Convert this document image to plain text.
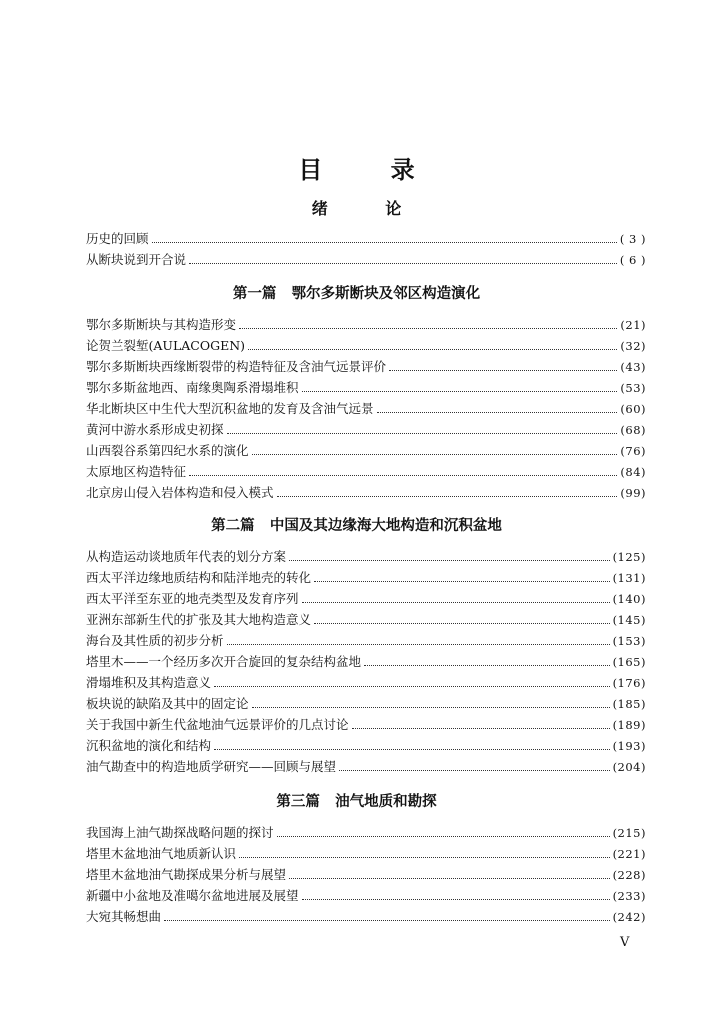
目 录
绪 论
历史的回顾	( 3 )
从断块说到开合说	( 6 )
第一篇   鄂尔多斯断块及邻区构造演化
鄂尔多斯断块与其构造形变	(21)
论贺兰裂堑(AULACOGEN)	(32)
鄂尔多斯断块西缘断裂带的构造特征及含油气远景评价	(43)
鄂尔多斯盆地西、南缘奥陶系滑塌堆积	(53)
华北断块区中生代大型沉积盆地的发育及含油气远景	(60)
黄河中游水系形成史初探	(68)
山西裂谷系第四纪水系的演化	(76)
太原地区构造特征	(84)
北京房山侵入岩体构造和侵入模式	(99)
第二篇   中国及其边缘海大地构造和沉积盆地
从构造运动谈地质年代表的划分方案	(125)
西太平洋边缘地质结构和陆洋地壳的转化	(131)
西太平洋至东亚的地壳类型及发育序列	(140)
亚洲东部新生代的扩张及其大地构造意义	(145)
海台及其性质的初步分析	(153)
塔里木——一个经历多次开合旋回的复杂结构盆地	(165)
滑塌堆积及其构造意义	(176)
板块说的缺陷及其中的固定论	(185)
关于我国中新生代盆地油气远景评价的几点讨论	(189)
沉积盆地的演化和结构	(193)
油气勘查中的构造地质学研究——回顾与展望	(204)
第三篇   油气地质和勘探
我国海上油气勘探战略问题的探讨	(215)
塔里木盆地油气地质新认识	(221)
塔里木盆地油气勘探成果分析与展望	(228)
新疆中小盆地及准噶尔盆地进展及展望	(233)
大宛其畅想曲	(242)
V
